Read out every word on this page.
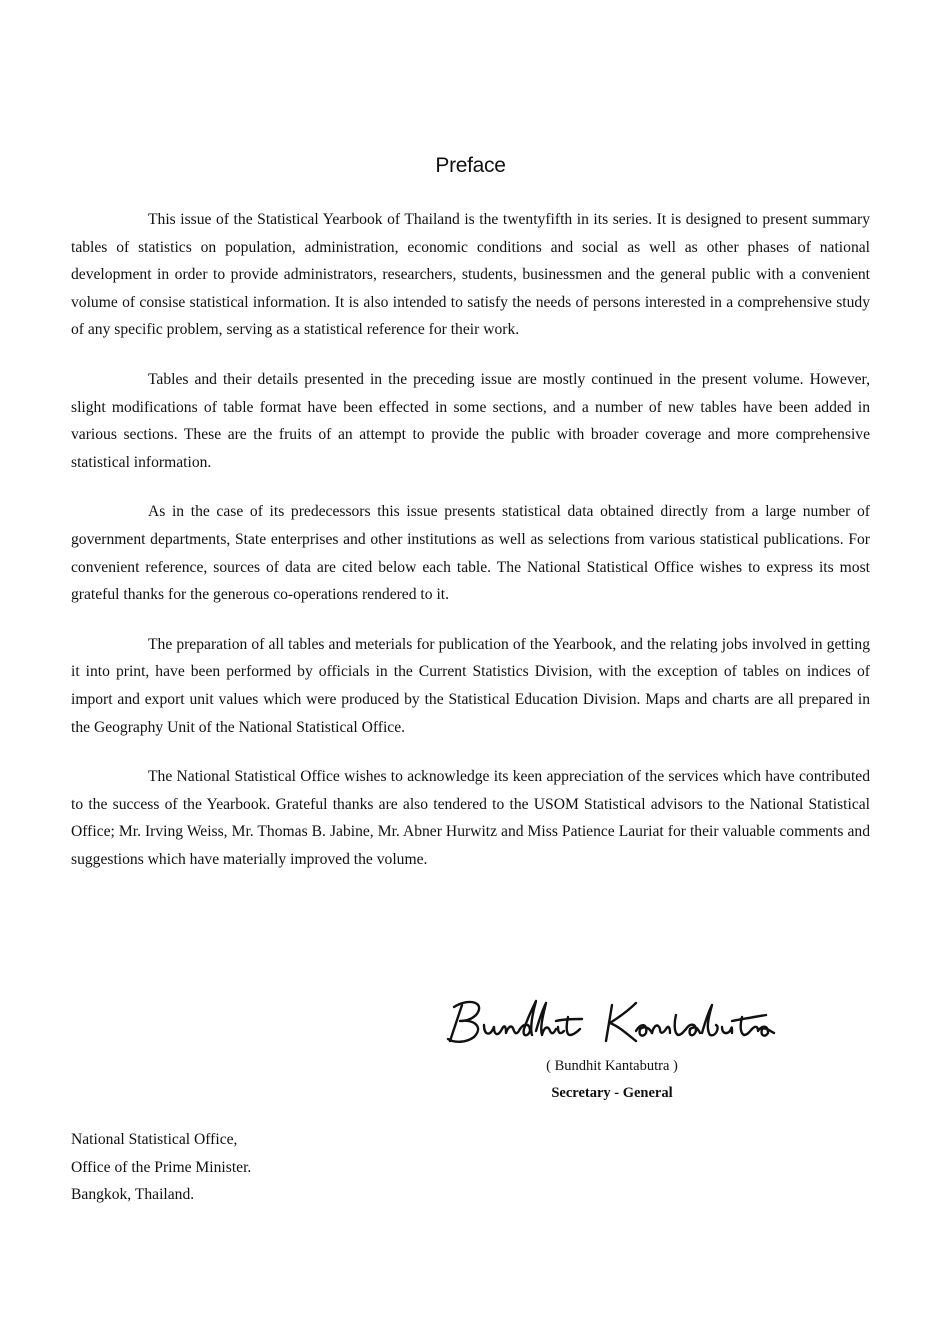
Preface

This issue of the Statistical Yearbook of Thailand is the twentyfifth in its series. It is designed to present summary tables of statistics on population, administration, economic conditions and social as well as other phases of national development in order to provide administrators, researchers, students, businessmen and the general public with a convenient volume of consise statistical information. It is also intended to satisfy the needs of persons interested in a comprehensive study of any specific problem, serving as a statistical reference for their work.

Tables and their details presented in the preceding issue are mostly continued in the present volume. However, slight modifications of table format have been effected in some sections, and a number of new tables have been added in various sections. These are the fruits of an attempt to provide the public with broader coverage and more comprehensive statistical information.

As in the case of its predecessors this issue presents statistical data obtained directly from a large number of government departments, State enterprises and other institutions as well as selections from various statistical publications. For convenient reference, sources of data are cited below each table. The National Statistical Office wishes to express its most grateful thanks for the generous co-operations rendered to it.

The preparation of all tables and meterials for publication of the Yearbook, and the relating jobs involved in getting it into print, have been performed by officials in the Current Statistics Division, with the exception of tables on indices of import and export unit values which were produced by the Statistical Education Division. Maps and charts are all prepared in the Geography Unit of the National Statistical Office.

The National Statistical Office wishes to acknowledge its keen appreciation of the services which have contributed to the success of the Yearbook. Grateful thanks are also tendered to the USOM Statistical advisors to the National Statistical Office; Mr. Irving Weiss, Mr. Thomas B. Jabine, Mr. Abner Hurwitz and Miss Patience Lauriat for their valuable comments and suggestions which have materially improved the volume.

( Bundhit Kantabutra )
Secretary - General
National Statistical Office,
Office of the Prime Minister.
Bangkok, Thailand.
